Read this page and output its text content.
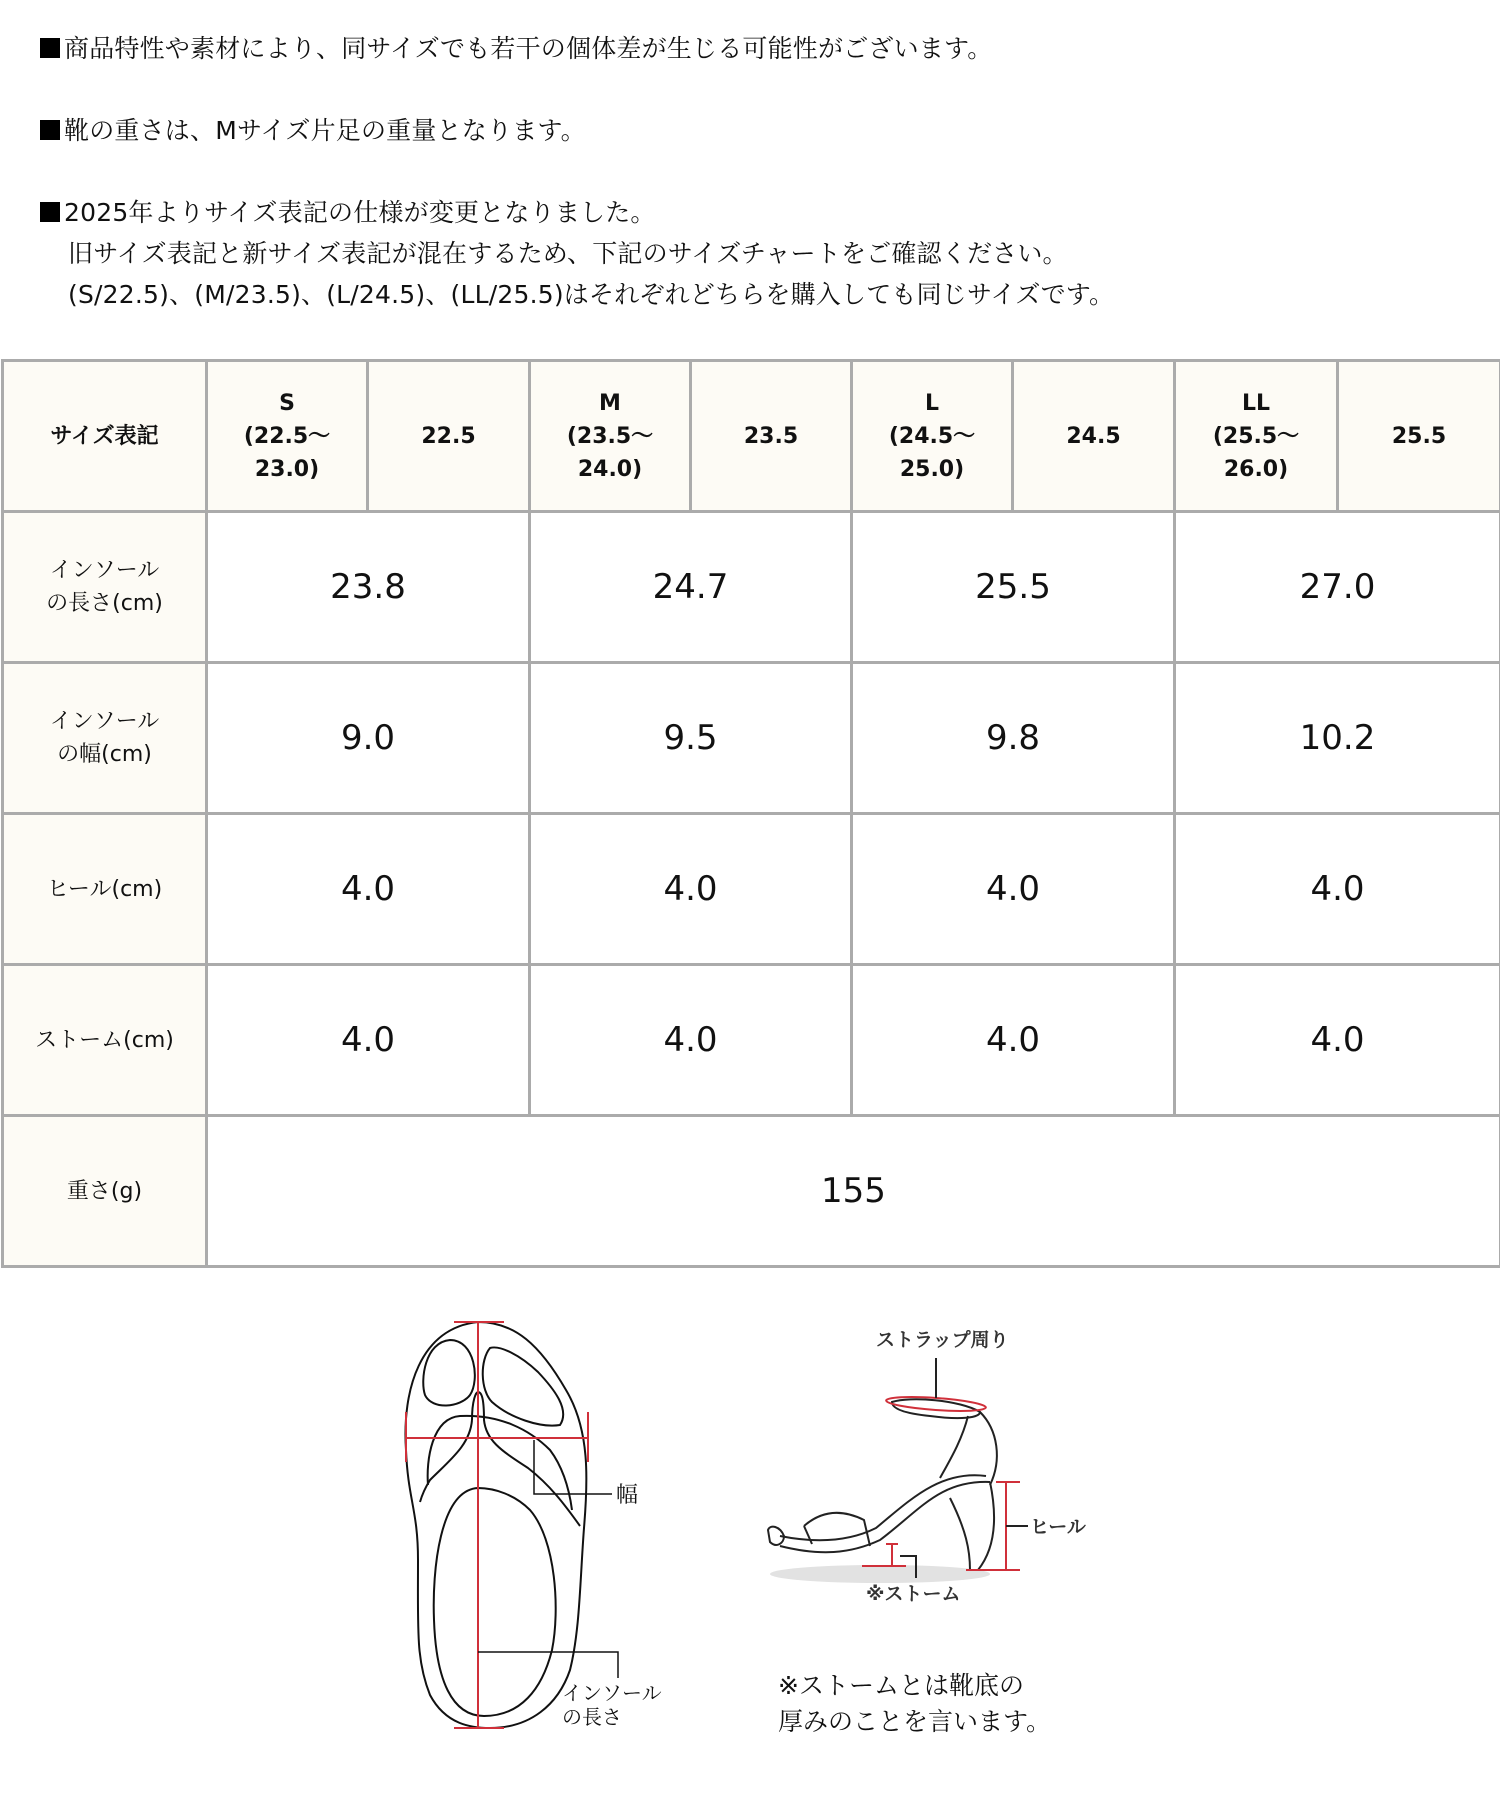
商品特性や素材により、同サイズでも若干の個体差が生じる可能性がございます。

靴の重さは、Mサイズ片足の重量となります。

2025年よりサイズ表記の仕様が変更となりました。

旧サイズ表記と新サイズ表記が混在するため、下記のサイズチャートをご確認ください。

(S/22.5)、(M/23.5)、(L/24.5)、(LL/25.5)はそれぞれどちらを購入しても同じサイズです。

サイズ表記	S
(22.5〜
23.0)	22.5	M
(23.5〜
24.0)	23.5	L
(24.5〜
25.0)	24.5	LL
(25.5〜
26.0)	25.5
インソール
の長さ(cm)	23.8		24.7		25.5		27.0	
インソール
の幅(cm)	9.0		9.5		9.8		10.2	
ヒール(cm)	4.0		4.0		4.0		4.0	
ストーム(cm)	4.0		4.0		4.0		4.0	
重さ(g)	155							
幅
インソール
の長さ
ストラップ周り
ヒール
※ストーム
※ストームとは靴底の
厚みのことを言います。
